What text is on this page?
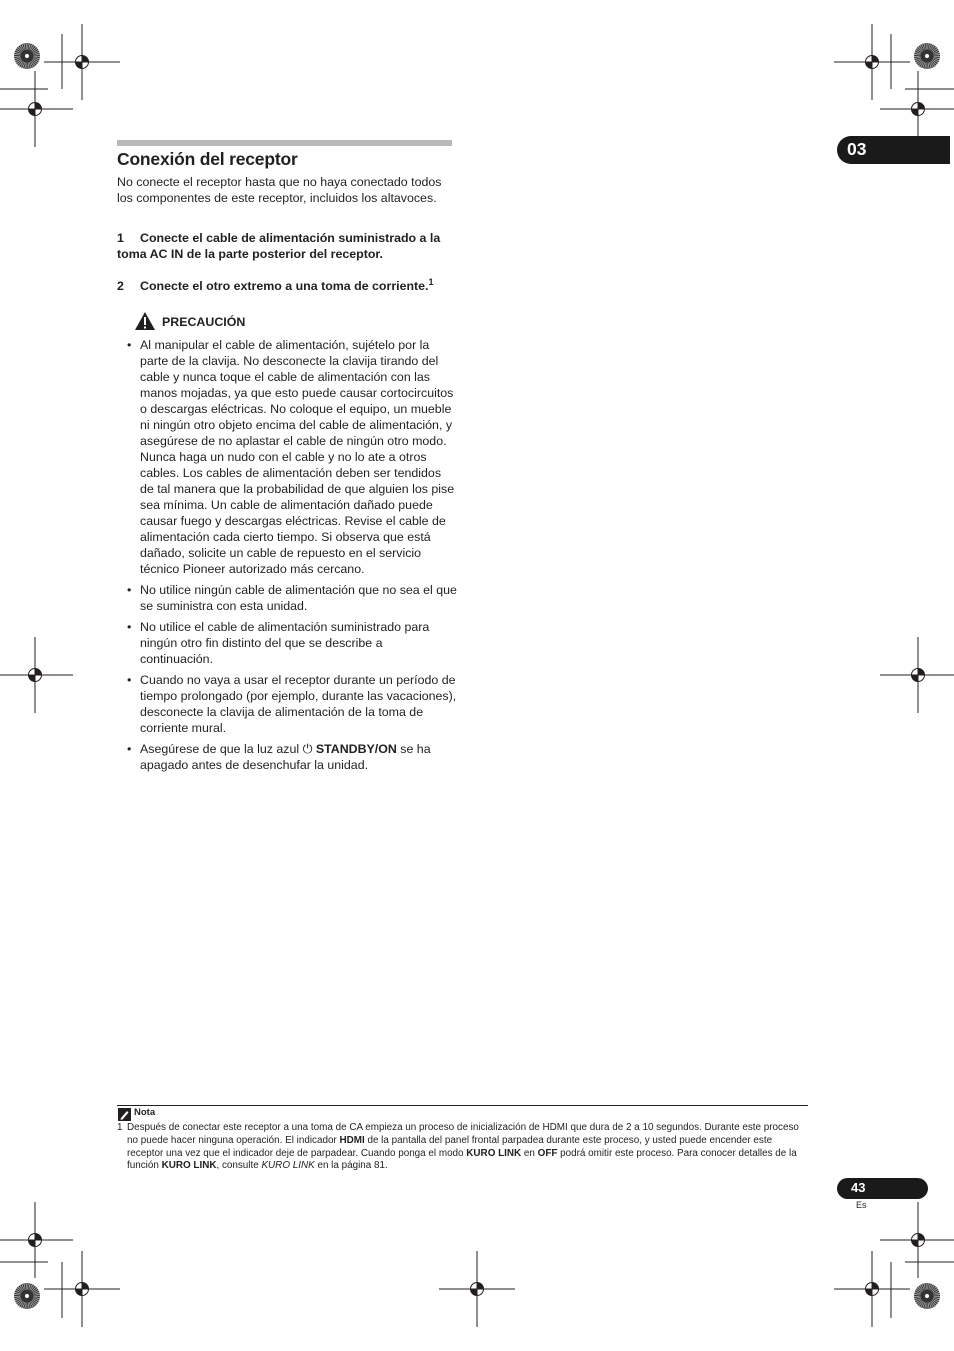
03
Conexión del receptor

No conecte el receptor hasta que no haya conectado todos los componentes de este receptor, incluidos los altavoces.

1 Conecte el cable de alimentación suministrado a la toma AC IN de la parte posterior del receptor.

2 Conecte el otro extremo a una toma de corriente.$^1$

PRECAUCIÓN
• Al manipular el cable de alimentación, sujételo por la parte de la clavija. No desconecte la clavija tirando del cable y nunca toque el cable de alimentación con las manos mojadas, ya que esto puede causar cortocircuitos o descargas eléctricas. No coloque el equipo, un mueble ni ningún otro objeto encima del cable de alimentación, y asegúrese de no aplastar el cable de ningún otro modo. Nunca haga un nudo con el cable y no lo ate a otros cables. Los cables de alimentación deben ser tendidos de tal manera que la probabilidad de que alguien los pise sea mínima. Un cable de alimentación dañado puede causar fuego y descargas eléctricas. Revise el cable de alimentación cada cierto tiempo. Si observa que está dañado, solicite un cable de repuesto en el servicio técnico Pioneer autorizado más cercano.
• No utilice ningún cable de alimentación que no sea el que se suministra con esta unidad.
• No utilice el cable de alimentación suministrado para ningún otro fin distinto del que se describe a continuación.
• Cuando no vaya a usar el receptor durante un período de tiempo prolongado (por ejemplo, durante las vacaciones), desconecte la clavija de alimentación de la toma de corriente mural.
• Asegúrese de que la luz azul ⏻ STANDBY/ON se ha apagado antes de desenchufar la unidad.
Nota

1 Después de conectar este receptor a una toma de CA empieza un proceso de inicialización de HDMI que dura de 2 a 10 segundos. Durante este proceso no puede hacer ninguna operación. El indicador HDMI de la pantalla del panel frontal parpadea durante este proceso, y usted puede encender este receptor una vez que el indicador deje de parpadear. Cuando ponga el modo KURO LINK en OFF podrá omitir este proceso. Para conocer detalles de la función KURO LINK, consulte KURO LINK en la página 81.

43
Es
